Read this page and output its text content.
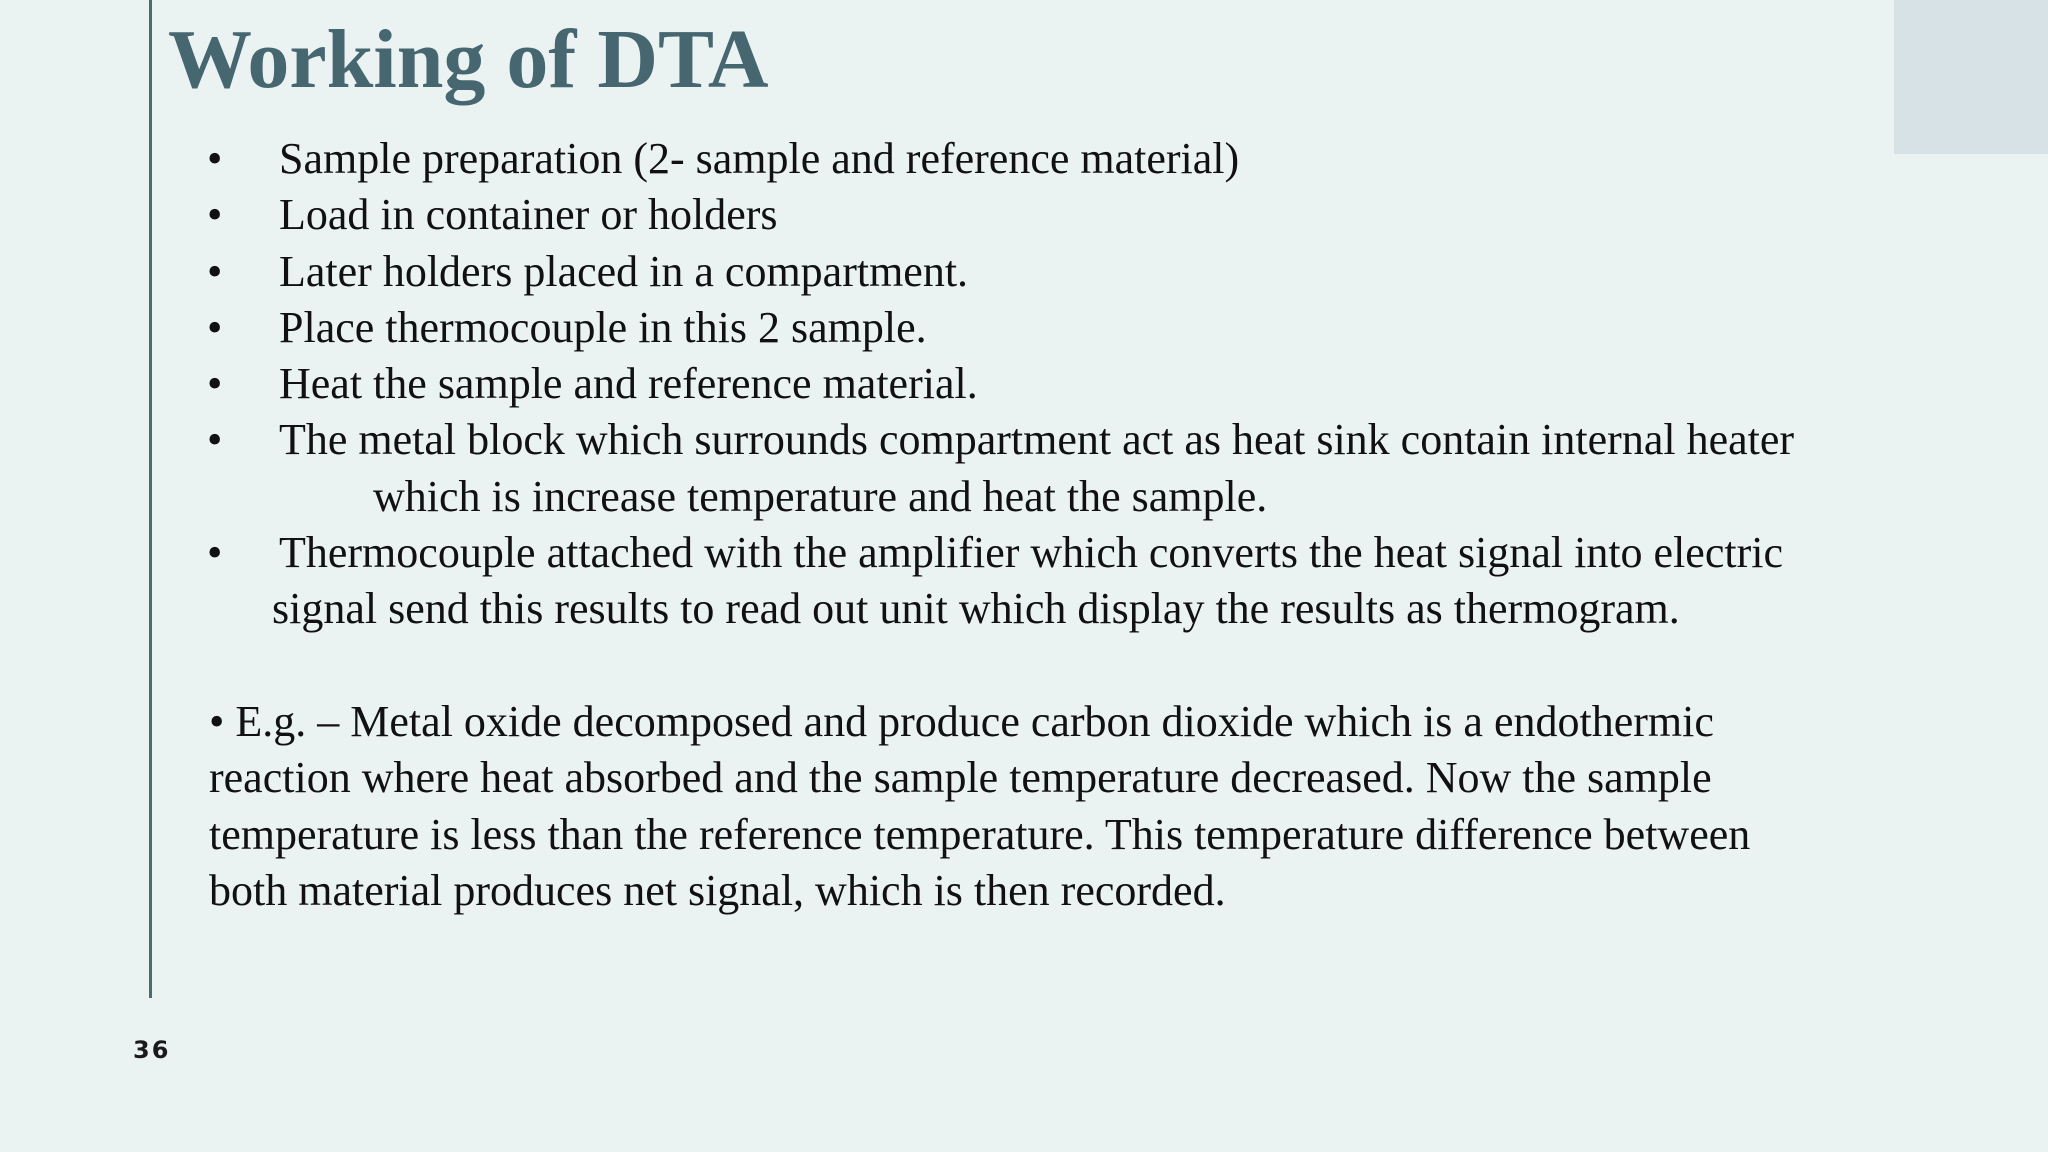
Working of DTA
• Sample preparation (2- sample and reference material)
• Load in container or holders
• Later holders placed in a compartment.
• Place thermocouple in this 2 sample.
• Heat the sample and reference material.
• The metal block which surrounds compartment act as heat sink contain internal heater
which is increase temperature and heat the sample.
• Thermocouple attached with the amplifier which converts the heat signal into electric
signal send this results to read out unit which display the results as thermogram.

• E.g. – Metal oxide decomposed and produce carbon dioxide which is a endothermic
reaction where heat absorbed and the sample temperature decreased. Now the sample
temperature is less than the reference temperature. This temperature difference between
both material produces net signal, which is then recorded.

36
